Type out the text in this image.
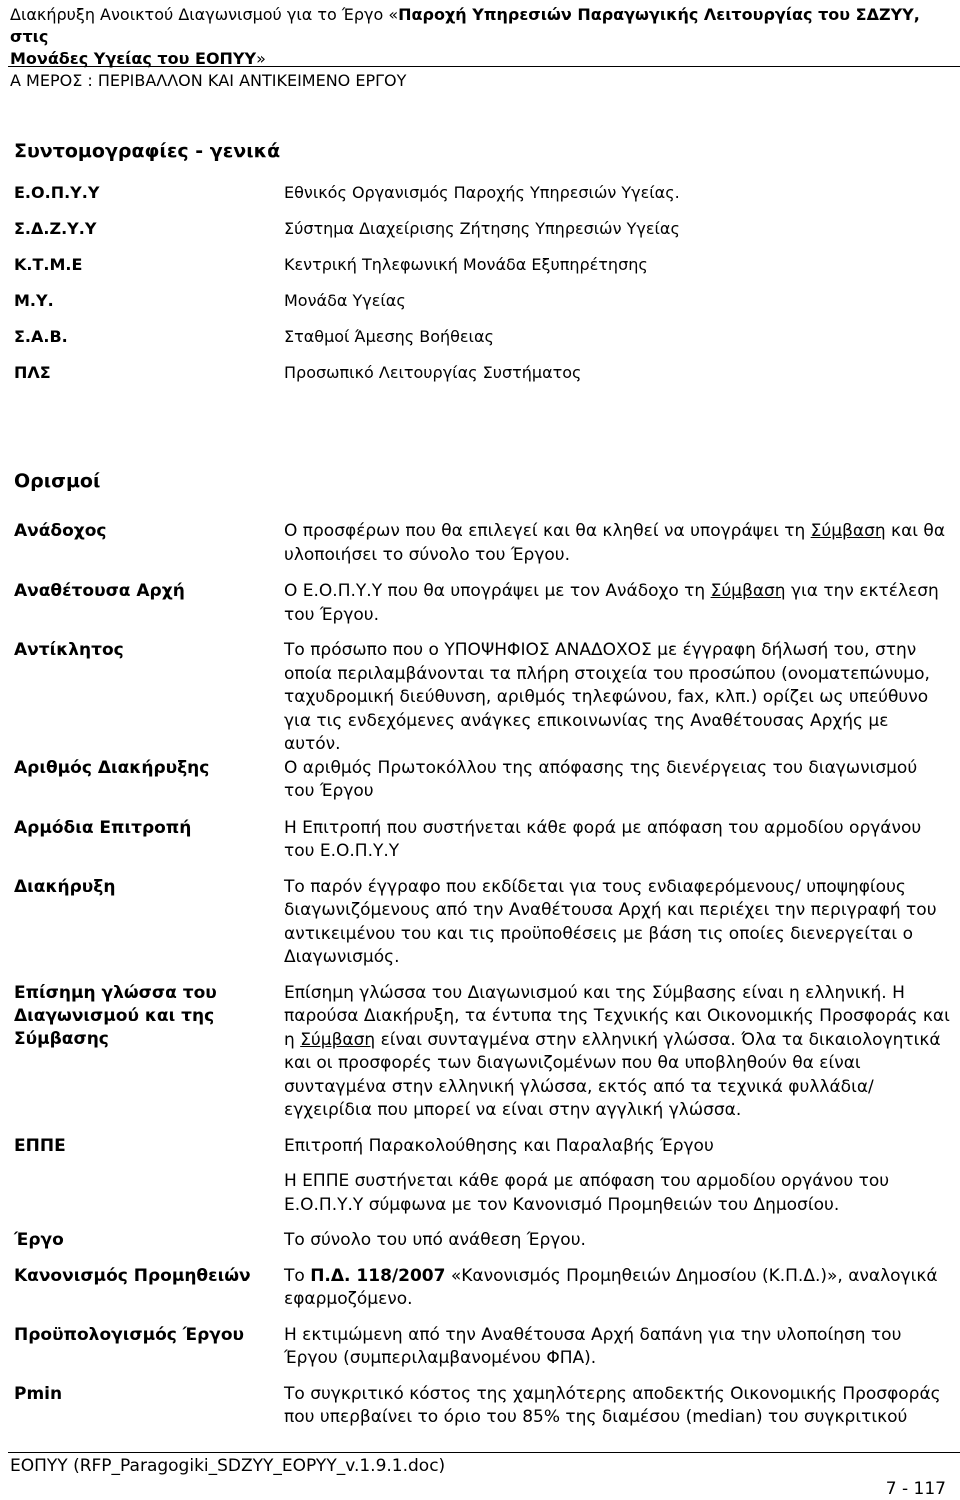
Διακήρυξη Ανοικτού Διαγωνισμού για το Έργο «Παροχή Υπηρεσιών Παραγωγικής Λειτουργίας του ΣΔΖΥΥ, στις
Μονάδες Υγείας του ΕΟΠΥΥ»
Α ΜΕΡΟΣ : ΠΕΡΙΒΑΛΛΟΝ ΚΑΙ ΑΝΤΙΚΕΙΜΕΝΟ ΕΡΓΟΥ
Συντομογραφίες - γενικά	
Ε.Ο.Π.Υ.Υ	Εθνικός Οργανισμός Παροχής Υπηρεσιών Υγείας.
Σ.Δ.Ζ.Υ.Υ	Σύστημα Διαχείρισης Ζήτησης Υπηρεσιών Υγείας
Κ.Τ.Μ.Ε	Κεντρική Τηλεφωνική Μονάδα Εξυπηρέτησης
Μ.Υ.	Μονάδα Υγείας
Σ.Α.Β.	Σταθμοί Άμεσης Βοήθειας
ΠΛΣ	Προσωπικό Λειτουργίας Συστήματος
Ορισμοί	
Ανάδοχος	Ο προσφέρων που θα επιλεγεί και θα κληθεί να υπογράψει τη Σύμβαση και θα υλοποιήσει το σύνολο του Έργου.
Αναθέτουσα Αρχή	Ο Ε.Ο.Π.Υ.Υ που θα υπογράψει με τον Ανάδοχο τη Σύμβαση για την εκτέλεση του Έργου.
Αντίκλητος	Το πρόσωπο που ο ΥΠΟΨΗΦΙΟΣ ΑΝΑΔΟΧΟΣ με έγγραφη δήλωσή του, στην οποία περιλαμβάνονται τα πλήρη στοιχεία του προσώπου (ονοματεπώνυμο, ταχυδρομική διεύθυνση, αριθμός τηλεφώνου, fax, κλπ.) ορίζει ως υπεύθυνο για τις ενδεχόμενες ανάγκες επικοινωνίας της Αναθέτουσας Αρχής με αυτόν.
Αριθμός Διακήρυξης	Ο αριθμός Πρωτοκόλλου της απόφασης της διενέργειας του διαγωνισμού του Έργου
Αρμόδια Επιτροπή	Η Επιτροπή που συστήνεται κάθε φορά με απόφαση του αρμοδίου οργάνου του Ε.Ο.Π.Υ.Υ
Διακήρυξη	Το παρόν έγγραφο που εκδίδεται για τους ενδιαφερόμενους/ υποψηφίους διαγωνιζόμενους από την Αναθέτουσα Αρχή και περιέχει την περιγραφή του αντικειμένου του και τις προϋποθέσεις με βάση τις οποίες διενεργείται ο Διαγωνισμός.
Επίσημη γλώσσα του Διαγωνισμού και της Σύμβασης	Επίσημη γλώσσα του Διαγωνισμού και της Σύμβασης είναι η ελληνική. Η παρούσα Διακήρυξη, τα έντυπα της Τεχνικής και Οικονομικής Προσφοράς και η Σύμβαση είναι συνταγμένα στην ελληνική γλώσσα. Όλα τα δικαιολογητικά και οι προσφορές των διαγωνιζομένων που θα υποβληθούν θα είναι συνταγμένα στην ελληνική γλώσσα, εκτός από τα τεχνικά φυλλάδια/ εγχειρίδια που μπορεί να είναι στην αγγλική γλώσσα.
ΕΠΠΕ	Επιτροπή Παρακολούθησης και Παραλαβής Έργου
Η ΕΠΠΕ συστήνεται κάθε φορά με απόφαση του αρμοδίου οργάνου του Ε.Ο.Π.Υ.Υ σύμφωνα με τον Κανονισμό Προμηθειών του Δημοσίου.

Έργο	Το σύνολο του υπό ανάθεση Έργου.
Κανονισμός Προμηθειών	Το Π.Δ. 118/2007 «Κανονισμός Προμηθειών Δημοσίου (Κ.Π.Δ.)», αναλογικά εφαρμοζόμενο.
Προϋπολογισμός Έργου	Η εκτιμώμενη από την Αναθέτουσα Αρχή δαπάνη για την υλοποίηση του Έργου (συμπεριλαμβανομένου ΦΠΑ).
Pmin	Το συγκριτικό κόστος της χαμηλότερης αποδεκτής Οικονομικής Προσφοράς που υπερβαίνει το όριο του 85% της διαμέσου (median) του συγκριτικού
ΕΟΠΥΥ (RFP_Paragogiki_SDZYY_EOPYY_v.1.9.1.doc)
7 - 117
